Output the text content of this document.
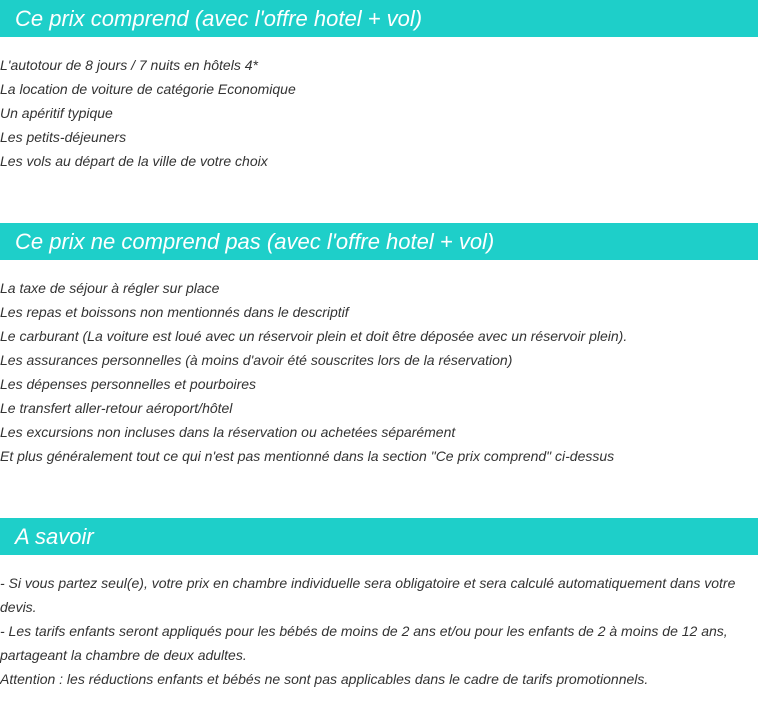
Ce prix comprend (avec l'offre hotel + vol)
L'autotour de 8 jours / 7 nuits en hôtels 4*
La location de voiture de catégorie Economique
Un apéritif typique
Les petits-déjeuners
Les vols au départ de la ville de votre choix
Ce prix ne comprend pas (avec l'offre hotel + vol)
La taxe de séjour à régler sur place
Les repas et boissons non mentionnés dans le descriptif
Le carburant (La voiture est loué avec un réservoir plein et doit être déposée avec un réservoir plein).
Les assurances personnelles (à moins d'avoir été souscrites lors de la réservation)
Les dépenses personnelles et pourboires
Le transfert aller-retour aéroport/hôtel
Les excursions non incluses dans la réservation ou achetées séparément
Et plus généralement tout ce qui n'est pas mentionné dans la section "Ce prix comprend" ci-dessus
A savoir

- Si vous partez seul(e), votre prix en chambre individuelle sera obligatoire et sera calculé automatiquement dans votre devis.

- Les tarifs enfants seront appliqués pour les bébés de moins de 2 ans et/ou pour les enfants de 2 à moins de 12 ans, partageant la chambre de deux adultes.

Attention : les réductions enfants et bébés ne sont pas applicables dans le cadre de tarifs promotionnels.
